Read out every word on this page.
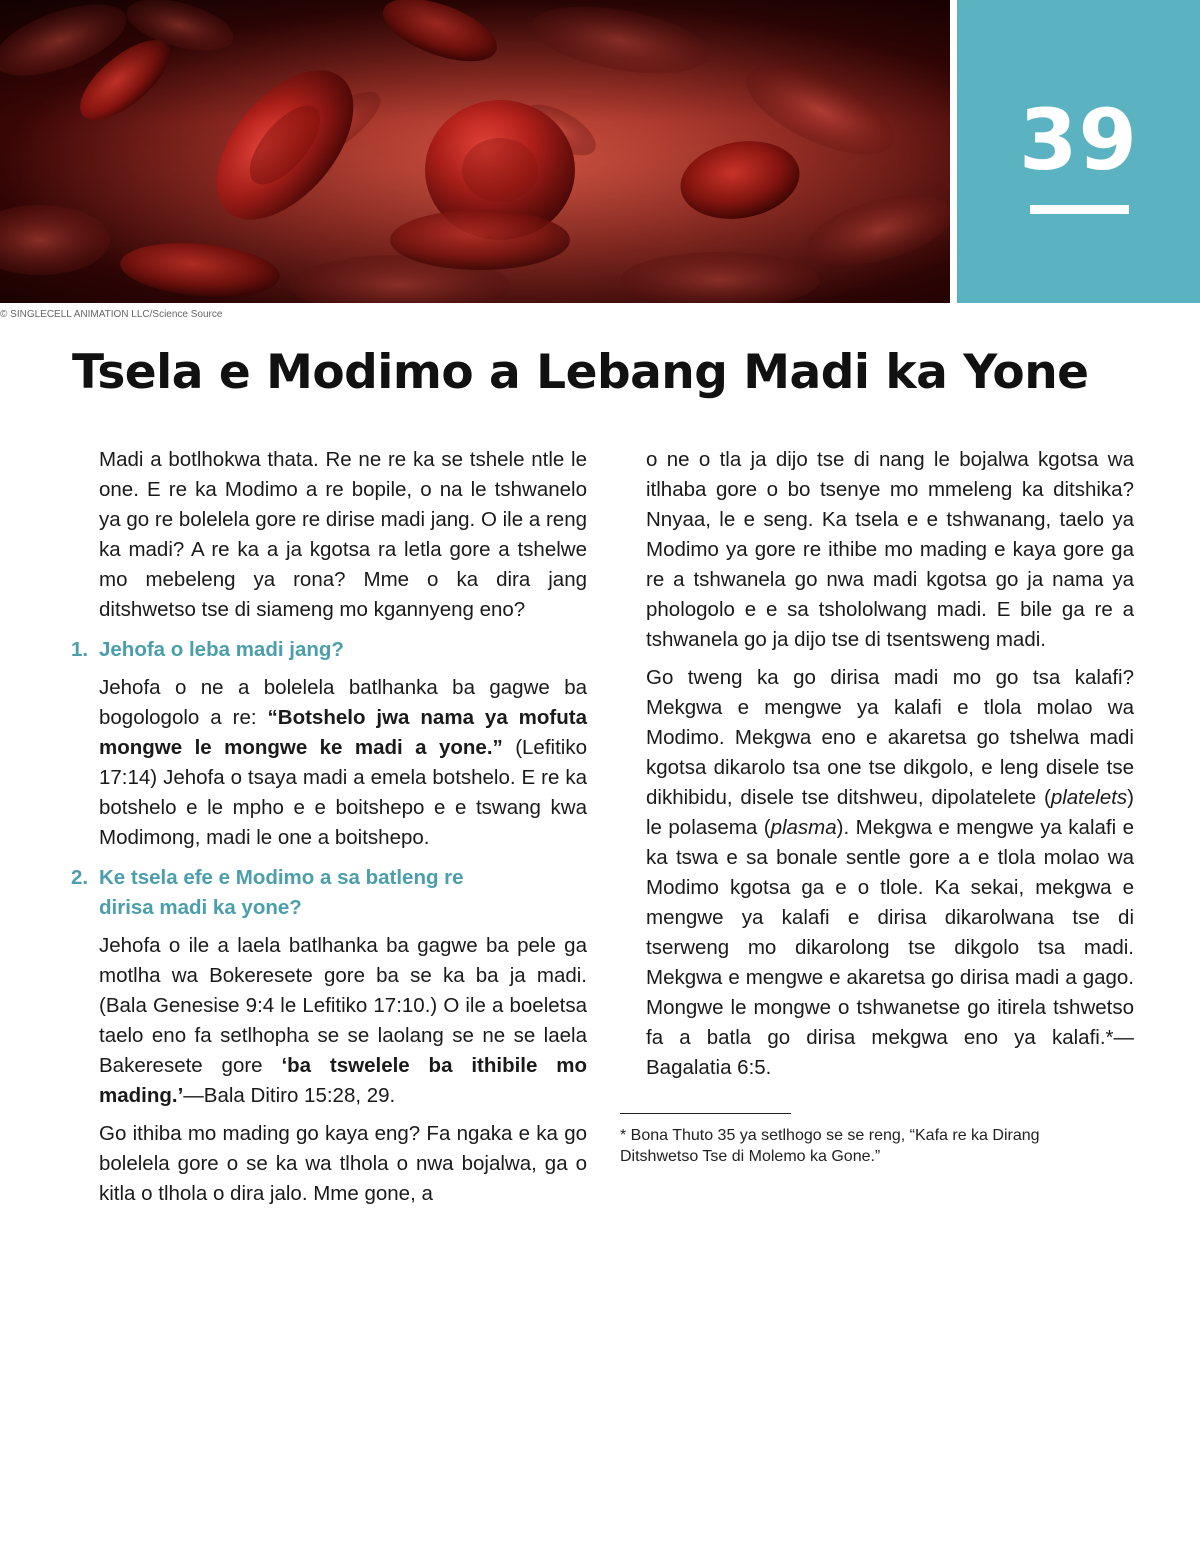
39
© SINGLECELL ANIMATION LLC/Science Source
Tsela e Modimo a Lebang Madi ka Yone

Madi a botlhokwa thata. Re ne re ka se tshele ntle le one. E re ka Modimo a re bopile, o na le tshwanelo ya go re bolelela gore re dirise madi jang. O ile a reng ka madi? A re ka a ja kgotsa ra letla gore a tshelwe mo mebeleng ya rona? Mme o ka dira jang ditshwetso tse di siameng mo kgannyeng eno?

1. Jehofa o leba madi jang?

Jehofa o ne a bolelela batlhanka ba gagwe ba bogologolo a re: “Botshelo jwa nama ya mofuta mongwe le mongwe ke madi a yone.” (Lefitiko 17:14) Jehofa o tsaya madi a emela botshelo. E re ka botshelo e le mpho e e boitshepo e e tswang kwa Modimong, madi le one a boitshepo.

2. Ke tsela efe e Modimo a sa batleng re
dirisa madi ka yone?

Jehofa o ile a laela batlhanka ba gagwe ba pele ga motlha wa Bokeresete gore ba se ka ba ja madi. (Bala Genesise 9:4 le Lefitiko 17:10.) O ile a boeletsa taelo eno fa setlhopha se se laolang se ne se laela Bakeresete gore ‘ba tswelele ba ithibile mo mading.’—Bala Ditiro 15:28, 29.

Go ithiba mo mading go kaya eng? Fa ngaka e ka go bolelela gore o se ka wa tlhola o nwa bojalwa, ga o kitla o tlhola o dira jalo. Mme gone, a

o ne o tla ja dijo tse di nang le bojalwa kgotsa wa itlhaba gore o bo tsenye mo mmeleng ka ditshika? Nnyaa, le e seng. Ka tsela e e tshwanang, taelo ya Modimo ya gore re ithibe mo mading e kaya gore ga re a tshwanela go nwa madi kgotsa go ja nama ya phologolo e e sa tshololwang madi. E bile ga re a tshwanela go ja dijo tse di tsentsweng madi.

Go tweng ka go dirisa madi mo go tsa kalafi? Mekgwa e mengwe ya kalafi e tlola molao wa Modimo. Mekgwa eno e akaretsa go tshelwa madi kgotsa dikarolo tsa one tse dikgolo, e leng disele tse dikhibidu, disele tse ditshweu, dipolatelete (platelets) le polasema (plasma). Mekgwa e mengwe ya kalafi e ka tswa e sa bonale sentle gore a e tlola molao wa Modimo kgotsa ga e o tlole. Ka sekai, mekgwa e mengwe ya kalafi e dirisa dikarolwana tse di tserweng mo dikarolong tse dikgolo tsa madi. Mekgwa e mengwe e akaretsa go dirisa madi a gago. Mongwe le mongwe o tshwanetse go itirela tshwetso fa a batla go dirisa mekgwa eno ya kalafi.*—Bagalatia 6:5.

* Bona Thuto 35 ya setlhogo se se reng, “Kafa re ka Dirang Ditshwetso Tse di Molemo ka Gone.”
